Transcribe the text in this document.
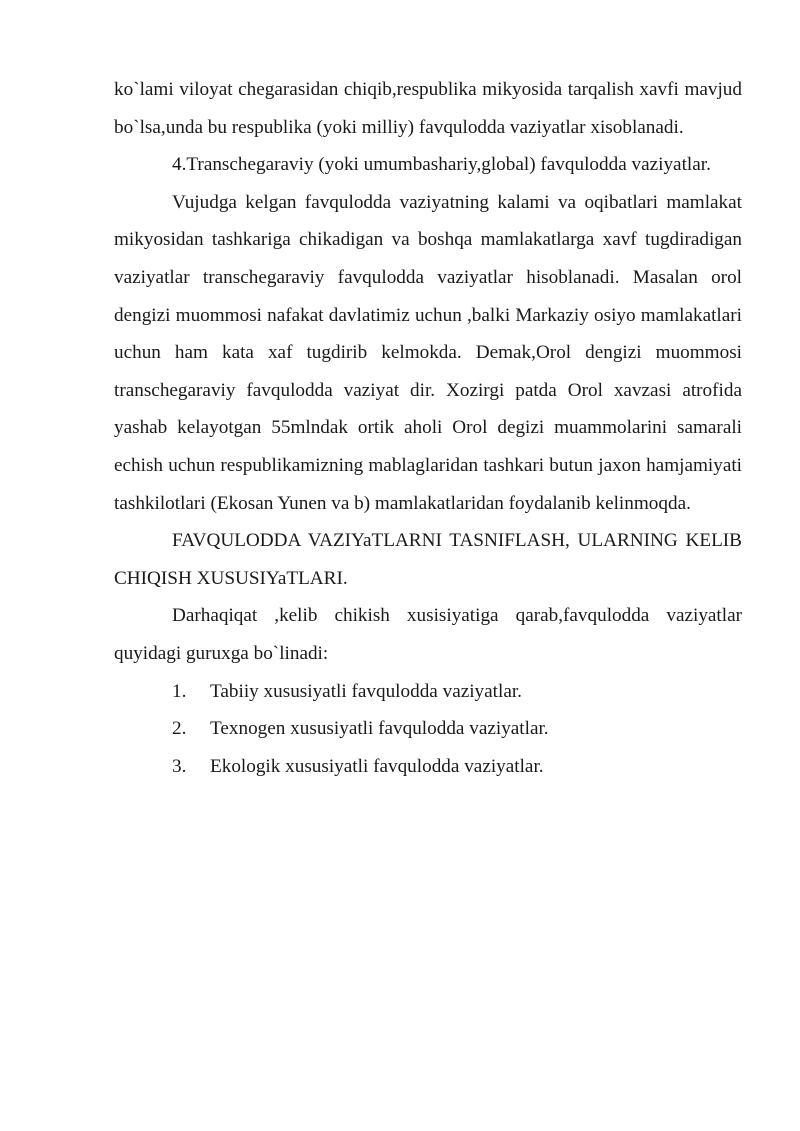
ko`lami viloyat chegarasidan chiqib,respublika mikyosida tarqalish xavfi mavjud bo`lsa,unda bu respublika (yoki milliy) favqulodda vaziyatlar xisoblanadi.

4.Transchegaraviy (yoki umumbashariy,global) favqulodda vaziyatlar.

Vujudga kelgan favqulodda vaziyatning kalami va oqibatlari mamlakat mikyosidan tashkariga chikadigan va boshqa mamlakatlarga xavf tugdiradigan vaziyatlar transchegaraviy favqulodda vaziyatlar hisoblanadi. Masalan orol dengizi muommosi nafakat davlatimiz uchun ,balki Markaziy osiyo mamlakatlari uchun ham kata xaf tugdirib kelmokda. Demak,Orol dengizi muommosi transchegaraviy favqulodda vaziyat dir. Xozirgi patda Orol xavzasi atrofida yashab kelayotgan 55mlndak ortik aholi Orol degizi muammolarini samarali echish uchun respublikamizning mablaglaridan tashkari butun jaxon hamjamiyati tashkilotlari (Ekosan Yunen va b) mamlakatlaridan foydalanib kelinmoqda.

FAVQULODDA VAZIYaTLARNI TASNIFLASH, ULARNING KELIB CHIQISH XUSUSIYaTLARI.

Darhaqiqat ,kelib chikish xusisiyatiga qarab,favqulodda vaziyatlar quyidagi guruxga bo`linadi:

1.	Tabiiy xususiyatli favqulodda vaziyatlar.
2.	Texnogen xususiyatli favqulodda vaziyatlar.
3.	Ekologik xususiyatli favqulodda vaziyatlar.
